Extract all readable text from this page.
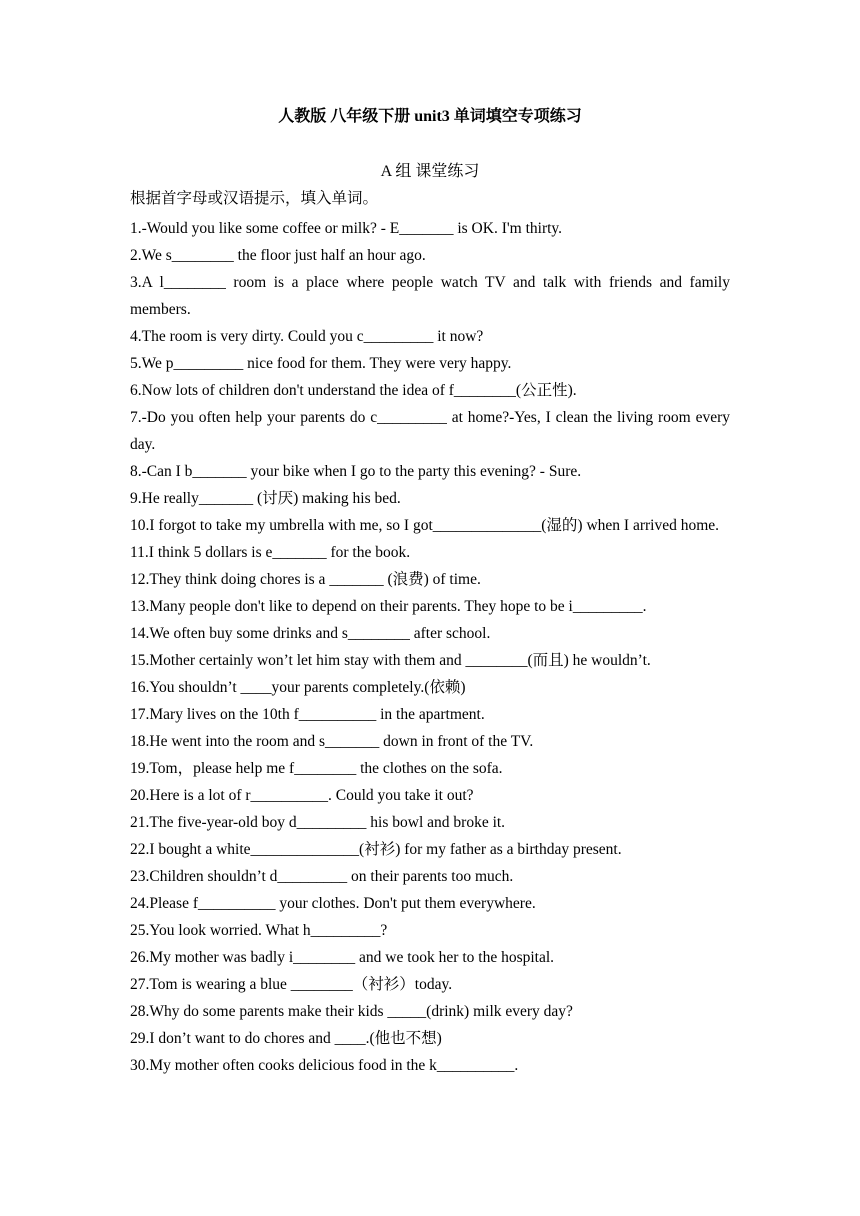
人教版 八年级下册 unit3 单词填空专项练习

A 组 课堂练习

根据首字母或汉语提示，填入单词。

1.-Would you like some coffee or milk? - E_______ is OK. I'm thirty.
2.We s________ the floor just half an hour ago.
3.A l________ room is a place where people watch TV and talk with friends and family members.
4.The room is very dirty. Could you c_________ it now?
5.We p_________ nice food for them. They were very happy.
6.Now lots of children don't understand the idea of f________(公正性).
7.-Do you often help your parents do c_________ at home?-Yes, I clean the living room every day.
8.-Can I b_______ your bike when I go to the party this evening? - Sure.
9.He really_______ (讨厌) making his bed.
10.I forgot to take my umbrella with me, so I got______________(湿的) when I arrived home.
11.I think 5 dollars is e_______ for the book.
12.They think doing chores is a _______ (浪费) of time.
13.Many people don't like to depend on their parents. They hope to be i_________.
14.We often buy some drinks and s________ after school.
15.Mother certainly won’t let him stay with them and ________(而且) he wouldn’t.
16.You shouldn’t ____your parents completely.(依赖)
17.Mary lives on the 10th f__________ in the apartment.
18.He went into the room and s_______ down in front of the TV.
19.Tom，please help me f________ the clothes on the sofa.
20.Here is a lot of r__________. Could you take it out?
21.The five-year-old boy d_________ his bowl and broke it.
22.I bought a white______________(衬衫) for my father as a birthday present.
23.Children shouldn’t d_________ on their parents too much.
24.Please f__________ your clothes. Don't put them everywhere.
25.You look worried. What h_________?
26.My mother was badly i________ and we took her to the hospital.
27.Tom is wearing a blue ________（衬衫）today.
28.Why do some parents make their kids _____(drink) milk every day?
29.I don’t want to do chores and ____.(他也不想)
30.My mother often cooks delicious food in the k__________.
